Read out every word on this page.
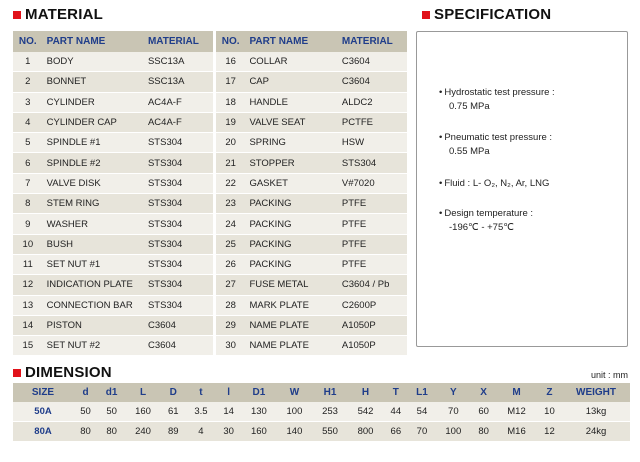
MATERIAL
NO.	PART NAME	MATERIAL		NO.	PART NAME	MATERIAL
1	BODY	SSC13A		16	COLLAR	C3604
2	BONNET	SSC13A		17	CAP	C3604
3	CYLINDER	AC4A-F		18	HANDLE	ALDC2
4	CYLINDER CAP	AC4A-F		19	VALVE SEAT	PCTFE
5	SPINDLE #1	STS304		20	SPRING	HSW
6	SPINDLE #2	STS304		21	STOPPER	STS304
7	VALVE DISK	STS304		22	GASKET	V#7020
8	STEM RING	STS304		23	PACKING	PTFE
9	WASHER	STS304		24	PACKING	PTFE
10	BUSH	STS304		25	PACKING	PTFE
11	SET NUT #1	STS304		26	PACKING	PTFE
12	INDICATION PLATE	STS304		27	FUSE METAL	C3604 / Pb
13	CONNECTION BAR	STS304		28	MARK PLATE	C2600P
14	PISTON	C3604		29	NAME PLATE	A1050P
15	SET NUT #2	C3604		30	NAME PLATE	A1050P
SPECIFICATION
• Hydrostatic test pressure :
0.75 MPa
• Pneumatic test pressure :
0.55 MPa
• Fluid : L- O₂, N₂, Ar, LNG
• Design temperature :
-196℃ - +75℃
DIMENSION	unit : mm
SIZE	d	d1	L	D	t	l	D1	W	H1	H	T	L1	Y	X	M	Z	WEIGHT
50A	50	50	160	61	3.5	14	130	100	253	542	44	54	70	60	M12	10	13kg
80A	80	80	240	89	4	30	160	140	550	800	66	70	100	80	M16	12	24kg
